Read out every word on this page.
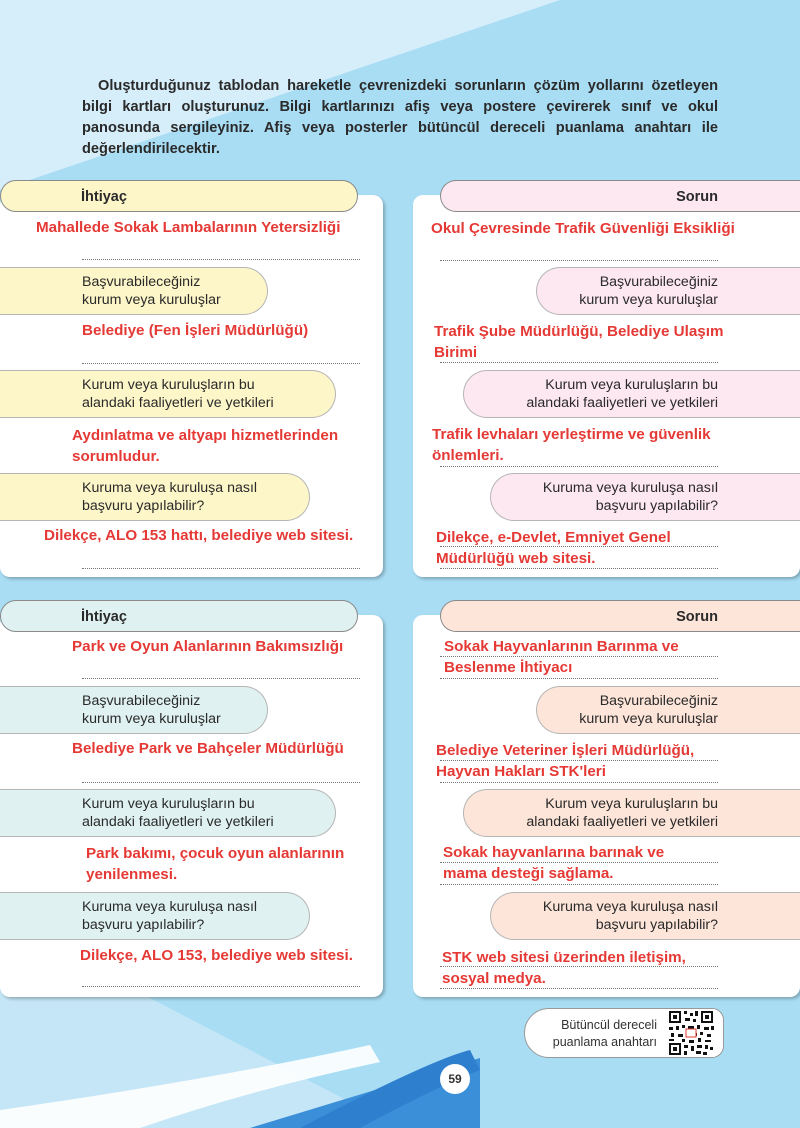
Oluşturduğunuz tablodan hareketle çevrenizdeki sorunların çözüm yollarını özetleyen bilgi kartları oluşturunuz. Bilgi kartlarınızı afiş veya postere çevirerek sınıf ve okul panosunda sergileyiniz. Afiş veya posterler bütüncül dereceli puanlama anahtarı ile değerlendirilecektir.
İhtiyaç
Mahallede Sokak Lambalarının Yetersizliği
Başvurabileceğiniz
kurum veya kuruluşlar
Belediye (Fen İşleri Müdürlüğü)
Kurum veya kuruluşların bu
alandaki faaliyetleri ve yetkileri
Aydınlatma ve altyapı hizmetlerinden
sorumludur.
Kuruma veya kuruluşa nasıl
başvuru yapılabilir?
Dilekçe, ALO 153 hattı, belediye web sitesi.
Sorun
Okul Çevresinde Trafik Güvenliği Eksikliği
Başvurabileceğiniz
kurum veya kuruluşlar
Trafik Şube Müdürlüğü, Belediye Ulaşım
Birimi
Kurum veya kuruluşların bu
alandaki faaliyetleri ve yetkileri
Trafik levhaları yerleştirme ve güvenlik
önlemleri.
Kuruma veya kuruluşa nasıl
başvuru yapılabilir?
Dilekçe, e-Devlet, Emniyet Genel
Müdürlüğü web sitesi.
İhtiyaç
Park ve Oyun Alanlarının Bakımsızlığı
Başvurabileceğiniz
kurum veya kuruluşlar
Belediye Park ve Bahçeler Müdürlüğü
Kurum veya kuruluşların bu
alandaki faaliyetleri ve yetkileri
Park bakımı, çocuk oyun alanlarının
yenilenmesi.
Kuruma veya kuruluşa nasıl
başvuru yapılabilir?
Dilekçe, ALO 153, belediye web sitesi.
Sorun
Sokak Hayvanlarının Barınma ve
Beslenme İhtiyacı
Başvurabileceğiniz
kurum veya kuruluşlar
Belediye Veteriner İşleri Müdürlüğü,
Hayvan Hakları STK'leri
Kurum veya kuruluşların bu
alandaki faaliyetleri ve yetkileri
Sokak hayvanlarına barınak ve
mama desteği sağlama.
Kuruma veya kuruluşa nasıl
başvuru yapılabilir?
STK web sitesi üzerinden iletişim,
sosyal medya.
Bütüncül dereceli
puanlama anahtarı
59
